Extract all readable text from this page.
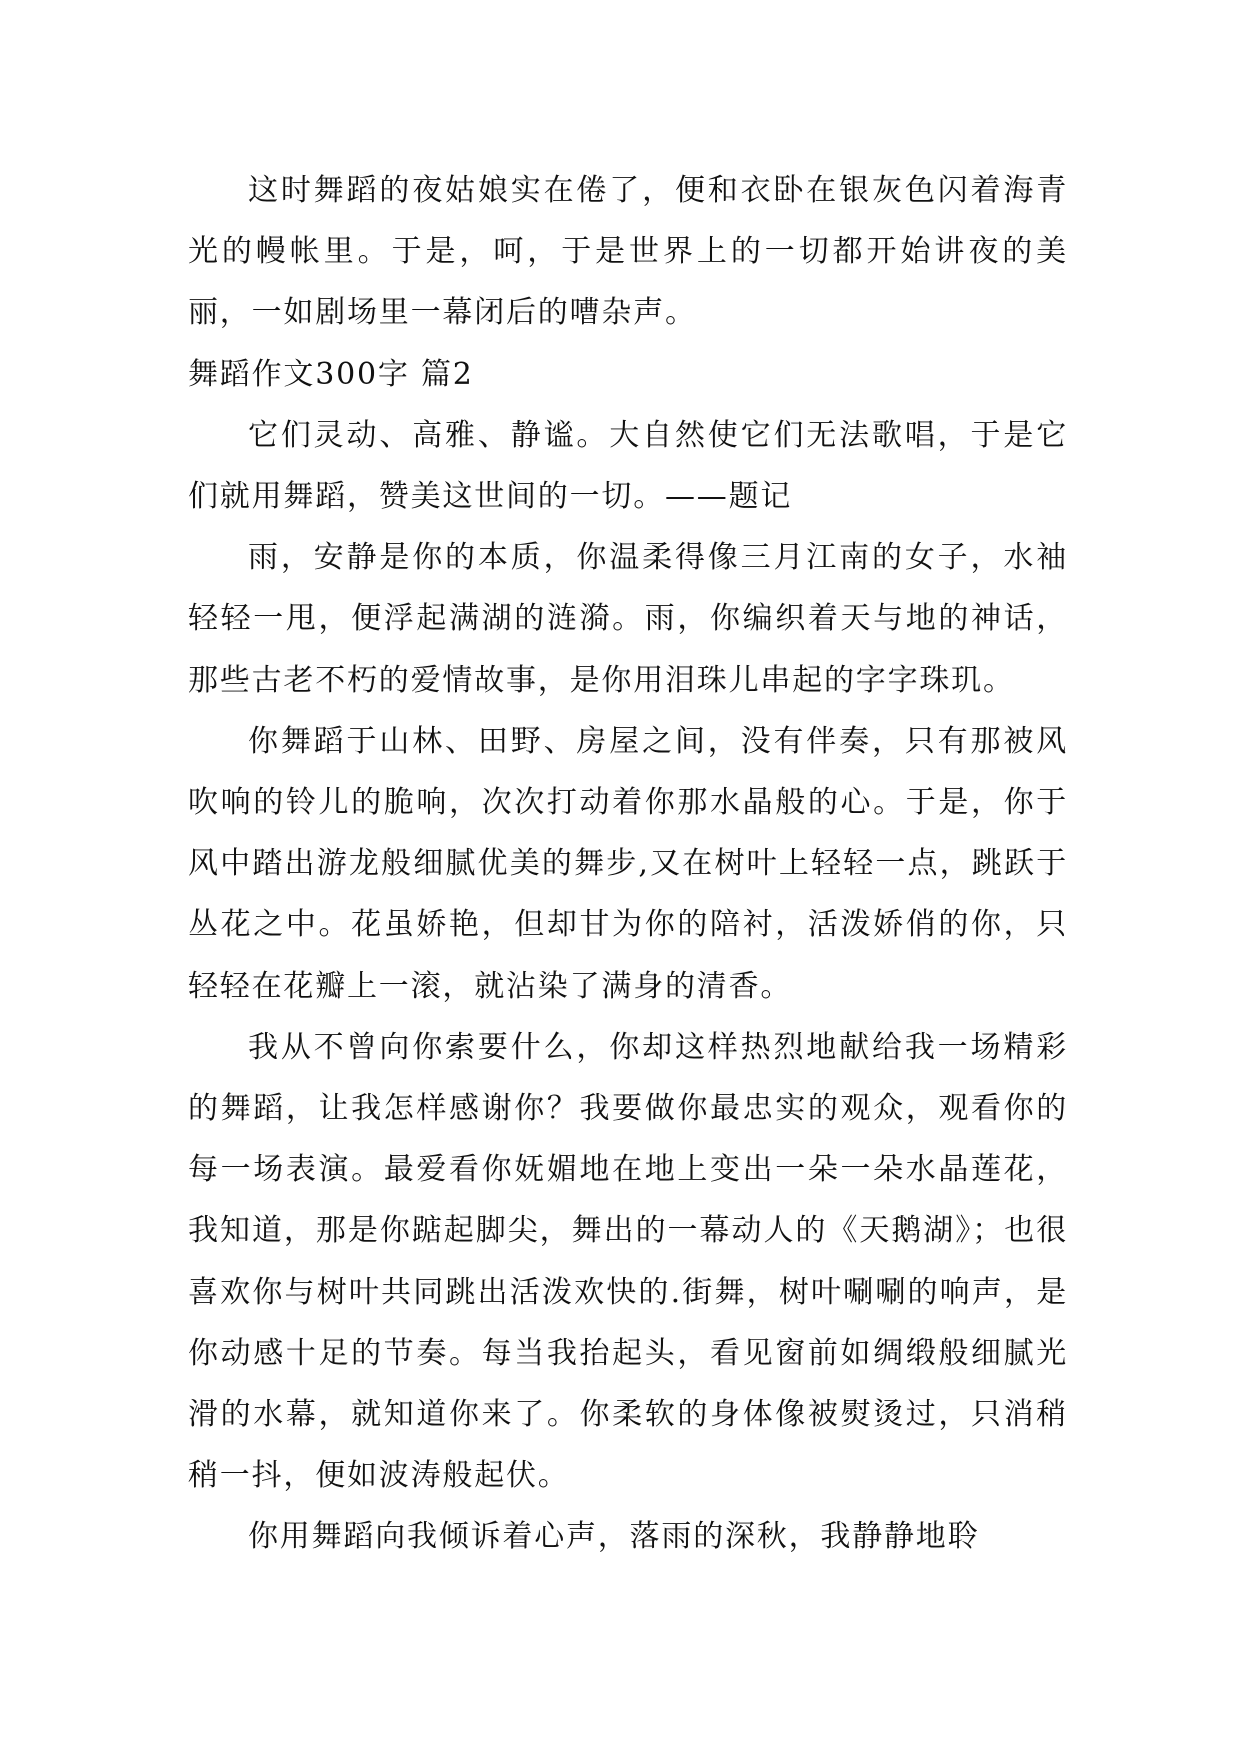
这时舞蹈的夜姑娘实在倦了，便和衣卧在银灰色闪着海青光的幔帐里。于是，呵，于是世界上的一切都开始讲夜的美丽，一如剧场里一幕闭后的嘈杂声。

舞蹈作文300字 篇2

它们灵动、高雅、静谧。大自然使它们无法歌唱，于是它们就用舞蹈，赞美这世间的一切。——题记

雨，安静是你的本质，你温柔得像三月江南的女子，水袖轻轻一甩，便浮起满湖的涟漪。雨，你编织着天与地的神话，那些古老不朽的爱情故事，是你用泪珠儿串起的字字珠玑。

你舞蹈于山林、田野、房屋之间，没有伴奏，只有那被风吹响的铃儿的脆响，次次打动着你那水晶般的心。于是，你于风中踏出游龙般细腻优美的舞步,又在树叶上轻轻一点，跳跃于丛花之中。花虽娇艳，但却甘为你的陪衬，活泼娇俏的你，只轻轻在花瓣上一滚，就沾染了满身的清香。

我从不曾向你索要什么，你却这样热烈地献给我一场精彩的舞蹈，让我怎样感谢你？我要做你最忠实的观众，观看你的每一场表演。最爱看你妩媚地在地上变出一朵一朵水晶莲花，我知道，那是你踮起脚尖，舞出的一幕动人的《天鹅湖》；也很喜欢你与树叶共同跳出活泼欢快的.街舞，树叶唰唰的响声，是你动感十足的节奏。每当我抬起头，看见窗前如绸缎般细腻光滑的水幕，就知道你来了。你柔软的身体像被熨烫过，只消稍稍一抖，便如波涛般起伏。

你用舞蹈向我倾诉着心声，落雨的深秋，我静静地聆
